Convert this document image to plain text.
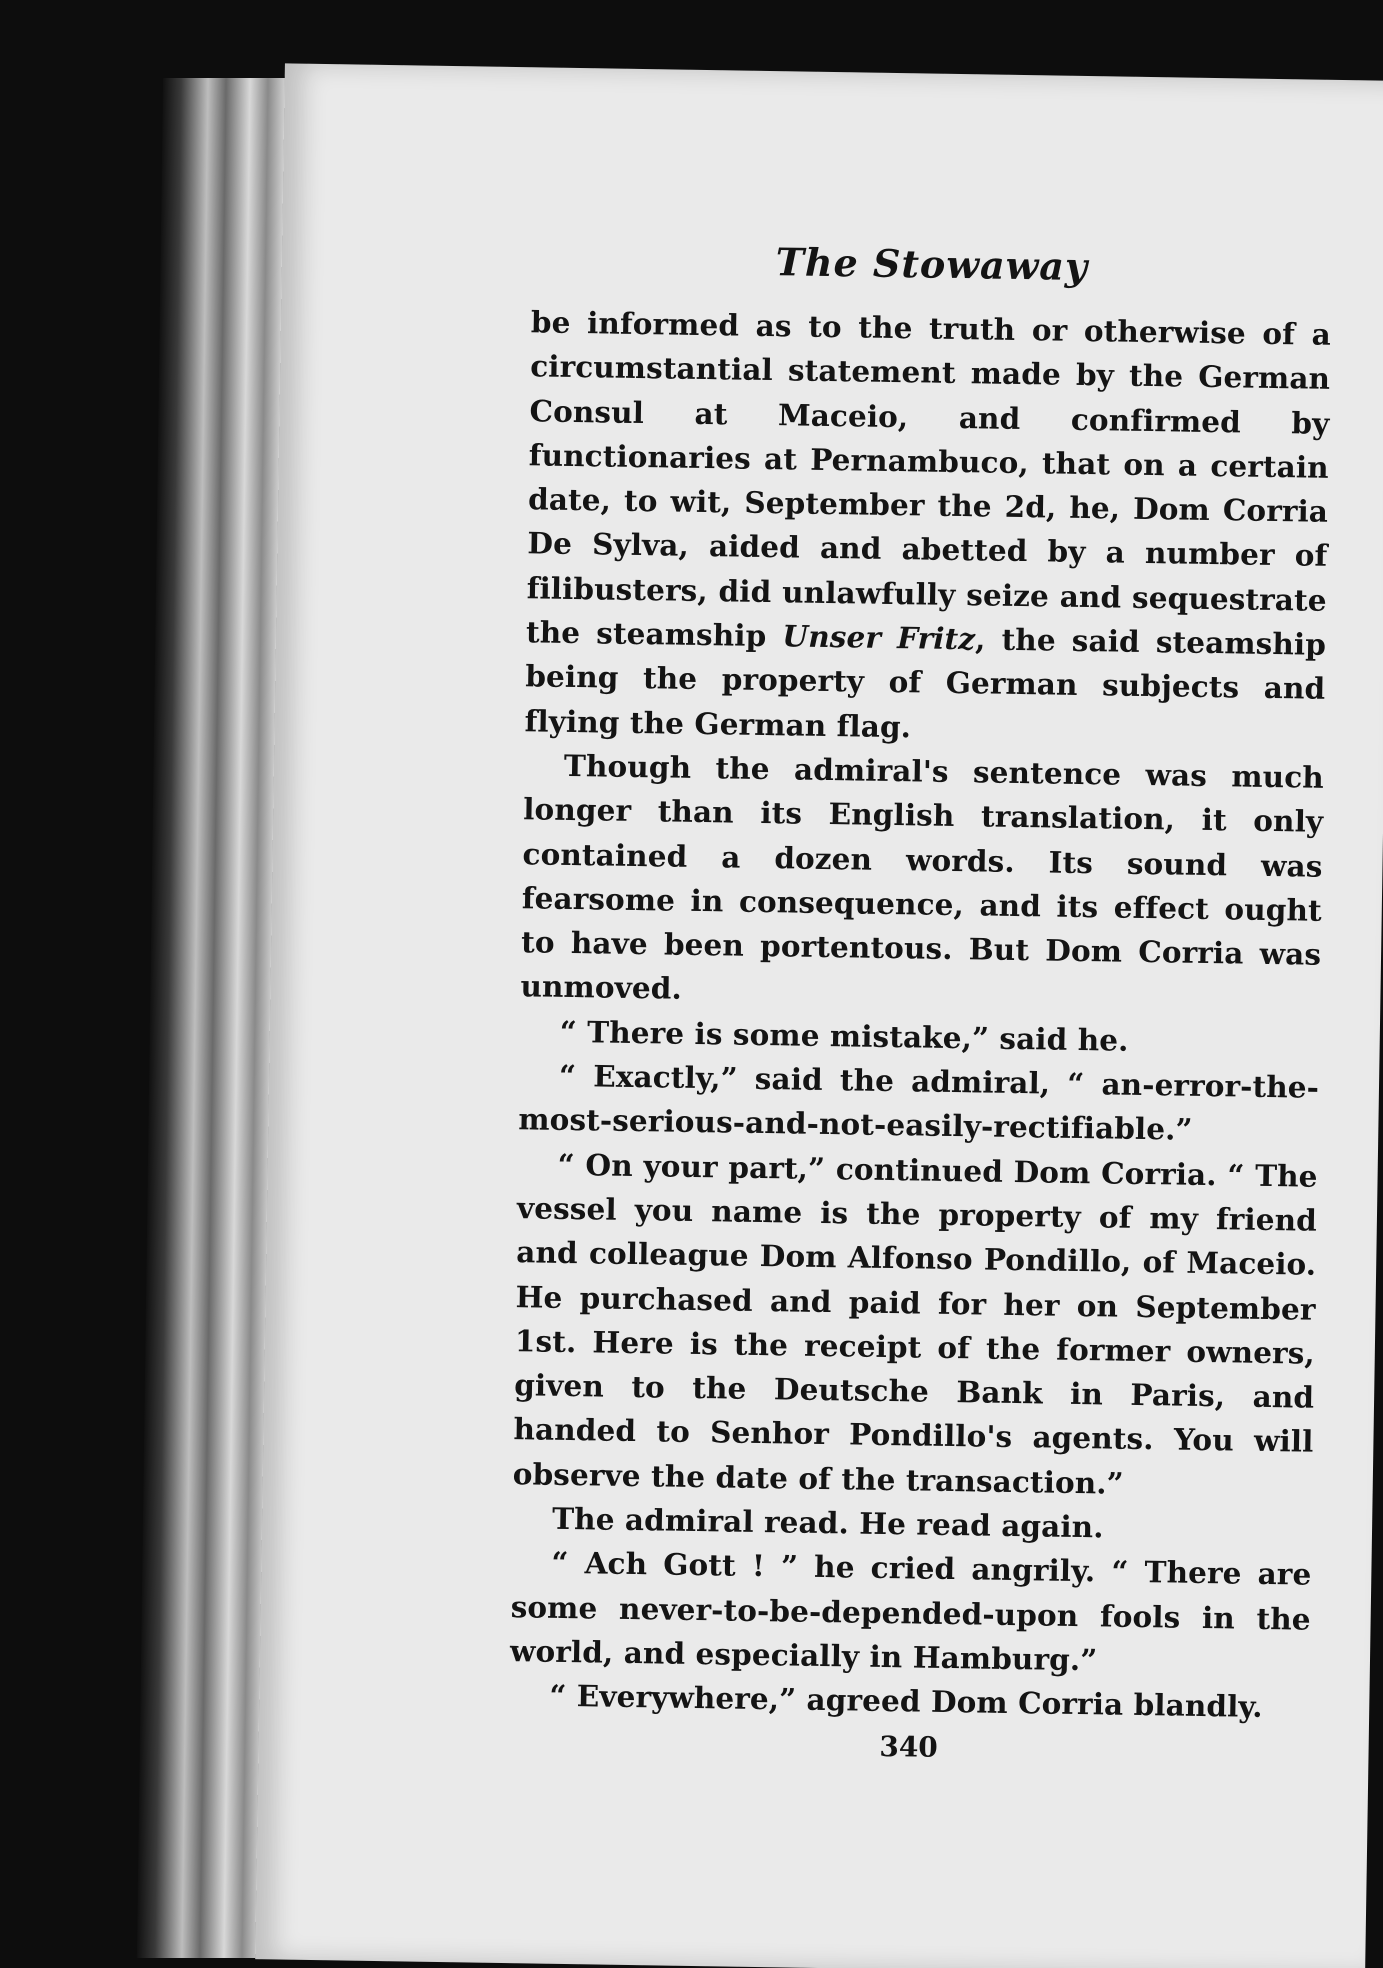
The Stowaway

be informed as to the truth or otherwise of a circumstantial statement made by the German Consul at Maceio, and confirmed by functionaries at Pernambuco, that on a certain date, to wit, September the 2d, he, Dom Corria De Sylva, aided and abetted by a number of filibusters, did unlawfully seize and sequestrate the steamship Unser Fritz, the said steamship being the property of German subjects and flying the German flag.

Though the admiral's sentence was much longer than its English translation, it only contained a dozen words. Its sound was fearsome in consequence, and its effect ought to have been portentous. But Dom Corria was unmoved.

“ There is some mistake,” said he.

“ Exactly,” said the admiral, “ an-error-the-most-serious-and-not-easily-rectifiable.”

“ On your part,” continued Dom Corria. “ The vessel you name is the property of my friend and colleague Dom Alfonso Pondillo, of Maceio. He purchased and paid for her on September 1st. Here is the receipt of the former owners, given to the Deutsche Bank in Paris, and handed to Senhor Pondillo's agents. You will observe the date of the transaction.”

The admiral read. He read again.

“ Ach Gott ! ” he cried angrily. “ There are some never-to-be-depended-upon fools in the world, and especially in Hamburg.”

“ Everywhere,” agreed Dom Corria blandly.

340
